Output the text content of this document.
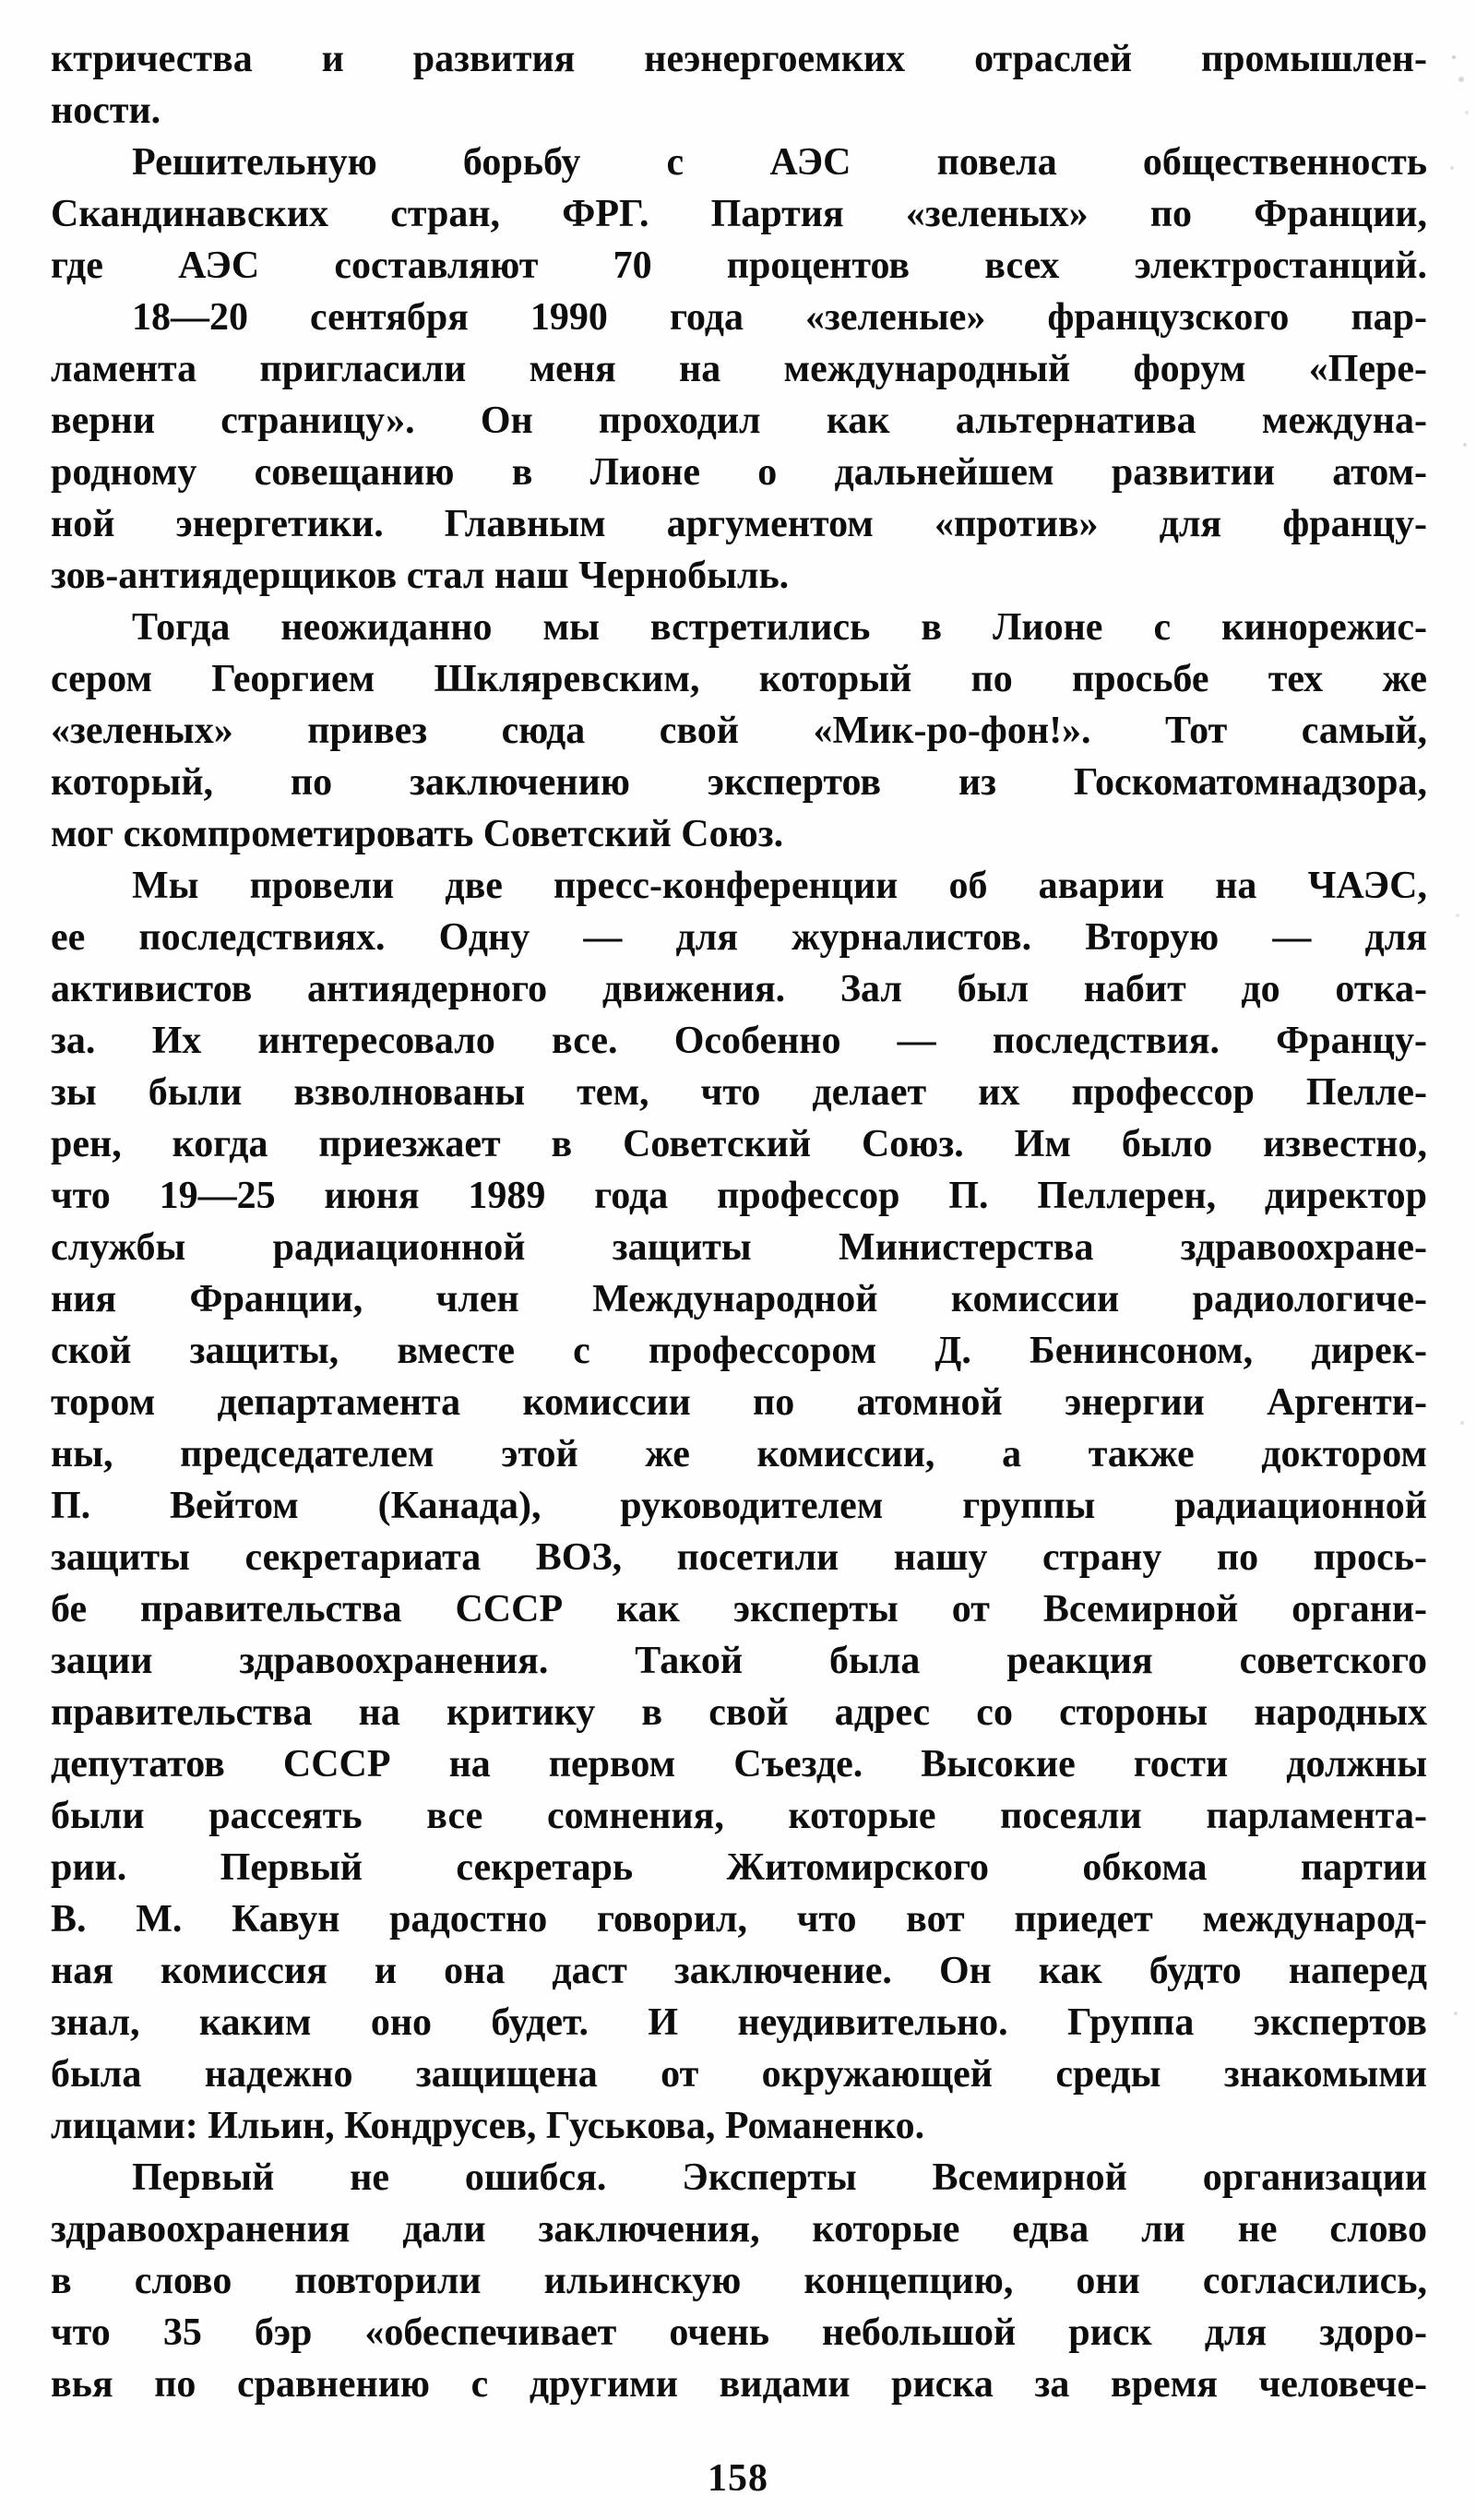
ктричества и развития неэнергоемких отраслей промышлен-
ности.
Решительную борьбу с АЭС повела общественность
Скандинавских стран, ФРГ. Партия «зеленых» по Франции,
где АЭС составляют 70 процентов всех электростанций.
18—20 сентября 1990 года «зеленые» французского пар-
ламента пригласили меня на международный форум «Пере-
верни страницу». Он проходил как альтернатива междуна-
родному совещанию в Лионе о дальнейшем развитии атом-
ной энергетики. Главным аргументом «против» для францу-
зов-антиядерщиков стал наш Чернобыль.
Тогда неожиданно мы встретились в Лионе с кинорежис-
сером Георгием Шкляревским, который по просьбе тех же
«зеленых» привез сюда свой «Мик-ро-фон!». Тот самый,
который, по заключению экспертов из Госкоматомнадзора,
мог скомпрометировать Советский Союз.
Мы провели две пресс-конференции об аварии на ЧАЭС,
ее последствиях. Одну — для журналистов. Вторую — для
активистов антиядерного движения. Зал был набит до отка-
за. Их интересовало все. Особенно — последствия. Францу-
зы были взволнованы тем, что делает их профессор Пелле-
рен, когда приезжает в Советский Союз. Им было известно,
что 19—25 июня 1989 года профессор П. Пеллерен, директор
службы радиационной защиты Министерства здравоохране-
ния Франции, член Международной комиссии радиологиче-
ской защиты, вместе с профессором Д. Бенинсоном, дирек-
тором департамента комиссии по атомной энергии Аргенти-
ны, председателем этой же комиссии, а также доктором
П. Вейтом (Канада), руководителем группы радиационной
защиты секретариата ВОЗ, посетили нашу страну по прось-
бе правительства СССР как эксперты от Всемирной органи-
зации здравоохранения. Такой была реакция советского
правительства на критику в свой адрес со стороны народных
депутатов СССР на первом Съезде. Высокие гости должны
были рассеять все сомнения, которые посеяли парламента-
рии. Первый секретарь Житомирского обкома партии
В. М. Кавун радостно говорил, что вот приедет международ-
ная комиссия и она даст заключение. Он как будто наперед
знал, каким оно будет. И неудивительно. Группа экспертов
была надежно защищена от окружающей среды знакомыми
лицами: Ильин, Кондрусев, Гуськова, Романенко.
Первый не ошибся. Эксперты Всемирной организации
здравоохранения дали заключения, которые едва ли не слово
в слово повторили ильинскую концепцию, они согласились,
что 35 бэр «обеспечивает очень небольшой риск для здоро-
вья по сравнению с другими видами риска за время человече-
158
